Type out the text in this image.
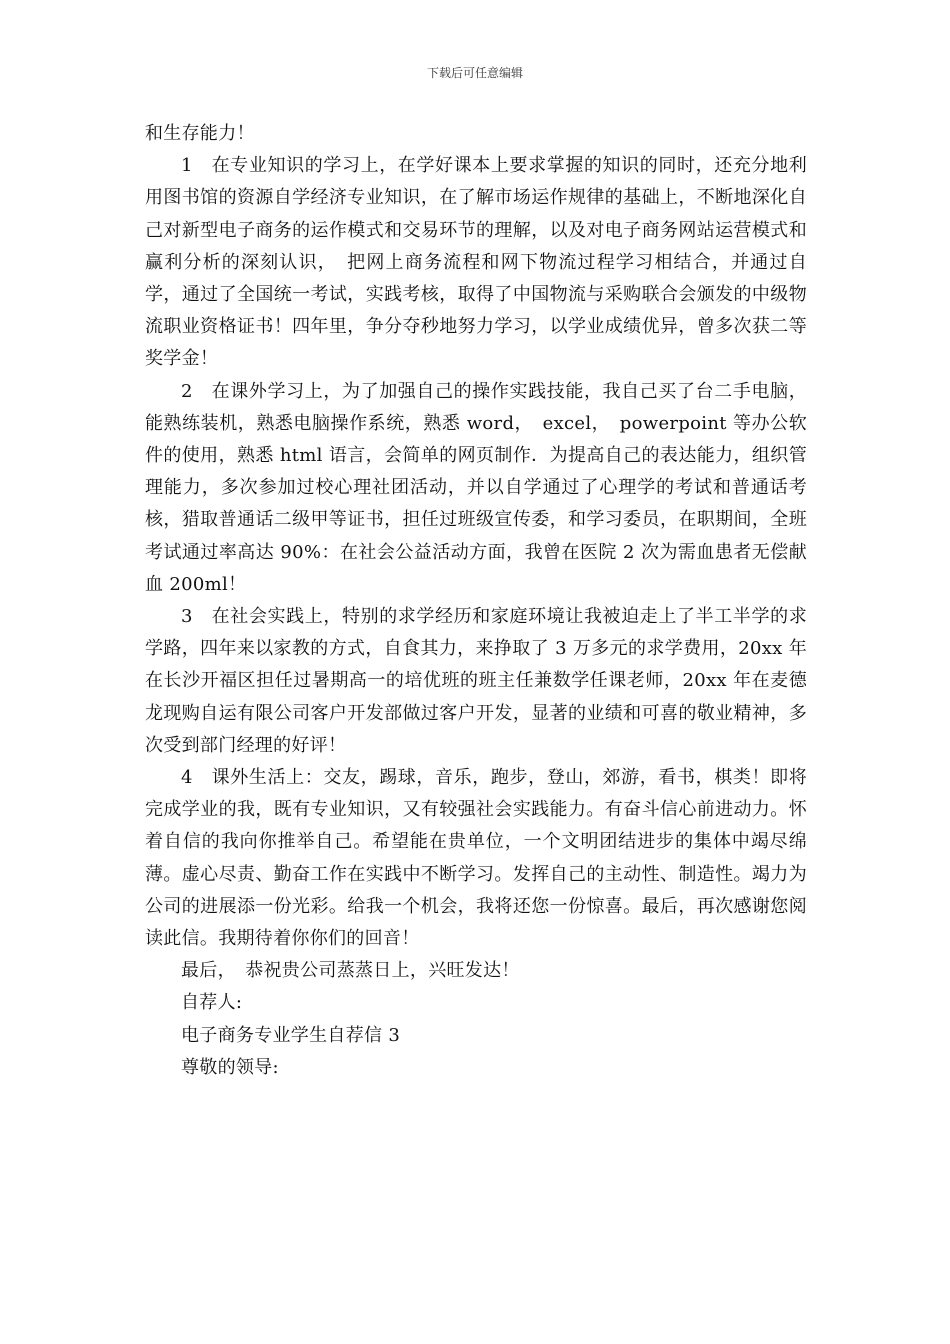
下载后可任意编辑

和生存能力！

1　在专业知识的学习上，在学好课本上要求掌握的知识的同时，还充分地利用图书馆的资源自学经济专业知识，在了解市场运作规律的基础上，不断地深化自己对新型电子商务的运作模式和交易环节的理解，以及对电子商务网站运营模式和赢利分析的深刻认识，　把网上商务流程和网下物流过程学习相结合，并通过自学，通过了全国统一考试，实践考核，取得了中国物流与采购联合会颁发的中级物流职业资格证书！四年里，争分夺秒地努力学习，以学业成绩优异，曾多次获二等奖学金！

2　在课外学习上，为了加强自己的操作实践技能，我自己买了台二手电脑，能熟练装机，熟悉电脑操作系统，熟悉 word，　excel，　powerpoint 等办公软件的使用，熟悉 html 语言，会简单的网页制作．为提高自己的表达能力，组织管理能力，多次参加过校心理社团活动，并以自学通过了心理学的考试和普通话考核，猎取普通话二级甲等证书，担任过班级宣传委，和学习委员，在职期间，全班考试通过率高达 90%：在社会公益活动方面，我曾在医院 2 次为需血患者无偿献血 200ml！

3　在社会实践上，特别的求学经历和家庭环境让我被迫走上了半工半学的求学路，四年来以家教的方式，自食其力，来挣取了 3 万多元的求学费用，20xx 年在长沙开福区担任过暑期高一的培优班的班主任兼数学任课老师，20xx 年在麦德龙现购自运有限公司客户开发部做过客户开发，显著的业绩和可喜的敬业精神，多次受到部门经理的好评！

4　课外生活上：交友，踢球，音乐，跑步，登山，郊游，看书，棋类！即将完成学业的我，既有专业知识，又有较强社会实践能力。有奋斗信心前进动力。怀着自信的我向你推举自己。希望能在贵单位，一个文明团结进步的集体中竭尽绵薄。虚心尽责、勤奋工作在实践中不断学习。发挥自己的主动性、制造性。竭力为公司的进展添一份光彩。给我一个机会，我将还您一份惊喜。最后，再次感谢您阅读此信。我期待着你你们的回音！

最后，　恭祝贵公司蒸蒸日上，兴旺发达！

自荐人:

电子商务专业学生自荐信 3

尊敬的领导:
